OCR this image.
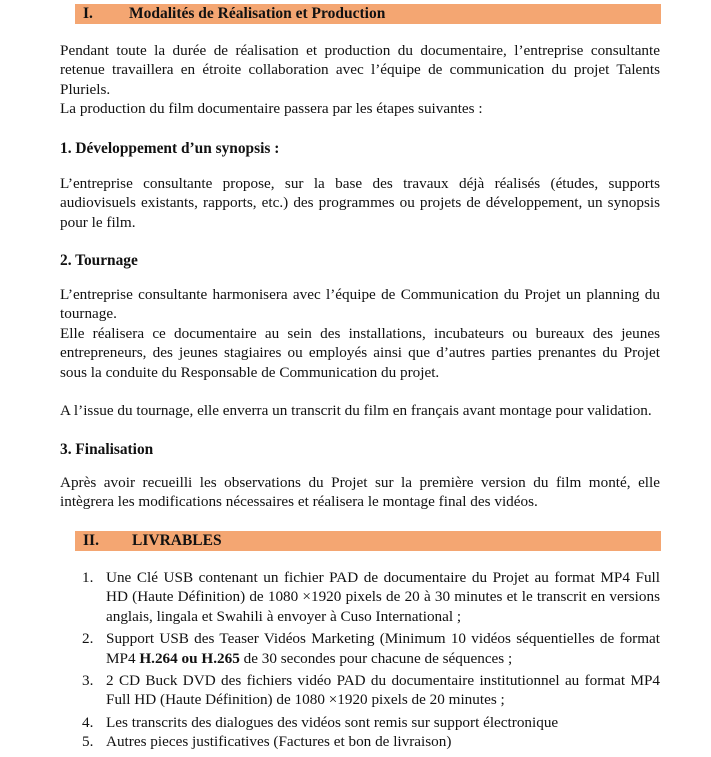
I. Modalités de Réalisation et Production

Pendant toute la durée de réalisation et production du documentaire, l’entreprise consultante retenue travaillera en étroite collaboration avec l’équipe de communication du projet Talents Pluriels.

La production du film documentaire passera par les étapes suivantes :

1. Développement d’un synopsis :

L’entreprise consultante propose, sur la base des travaux déjà réalisés (études, supports audiovisuels existants, rapports, etc.) des programmes ou projets de développement, un synopsis pour le film.

2. Tournage

L’entreprise consultante harmonisera avec l’équipe de Communication du Projet un planning du tournage.

Elle réalisera ce documentaire au sein des installations, incubateurs ou bureaux des jeunes entrepreneurs, des jeunes stagiaires ou employés ainsi que d’autres parties prenantes du Projet sous la conduite du Responsable de Communication du projet.

A l’issue du tournage, elle enverra un transcrit du film en français avant montage pour validation.

3. Finalisation

Après avoir recueilli les observations du Projet sur la première version du film monté, elle intègrera les modifications nécessaires et réalisera le montage final des vidéos.

II. LIVRABLES
1. Une Clé USB contenant un fichier PAD de documentaire du Projet au format MP4 Full HD (Haute Définition) de 1080 ×1920 pixels de 20 à 30 minutes et le transcrit en versions anglais, lingala et Swahili à envoyer à Cuso International ;
2. Support USB des Teaser Vidéos Marketing (Minimum 10 vidéos séquentielles de format MP4 H.264 ou H.265 de 30 secondes pour chacune de séquences ;
3. 2 CD Buck DVD des fichiers vidéo PAD du documentaire institutionnel au format MP4 Full HD (Haute Définition) de 1080 ×1920 pixels de 20 minutes ;
4. Les transcrits des dialogues des vidéos sont remis sur support électronique
5. Autres pieces justificatives (Factures et bon de livraison)
